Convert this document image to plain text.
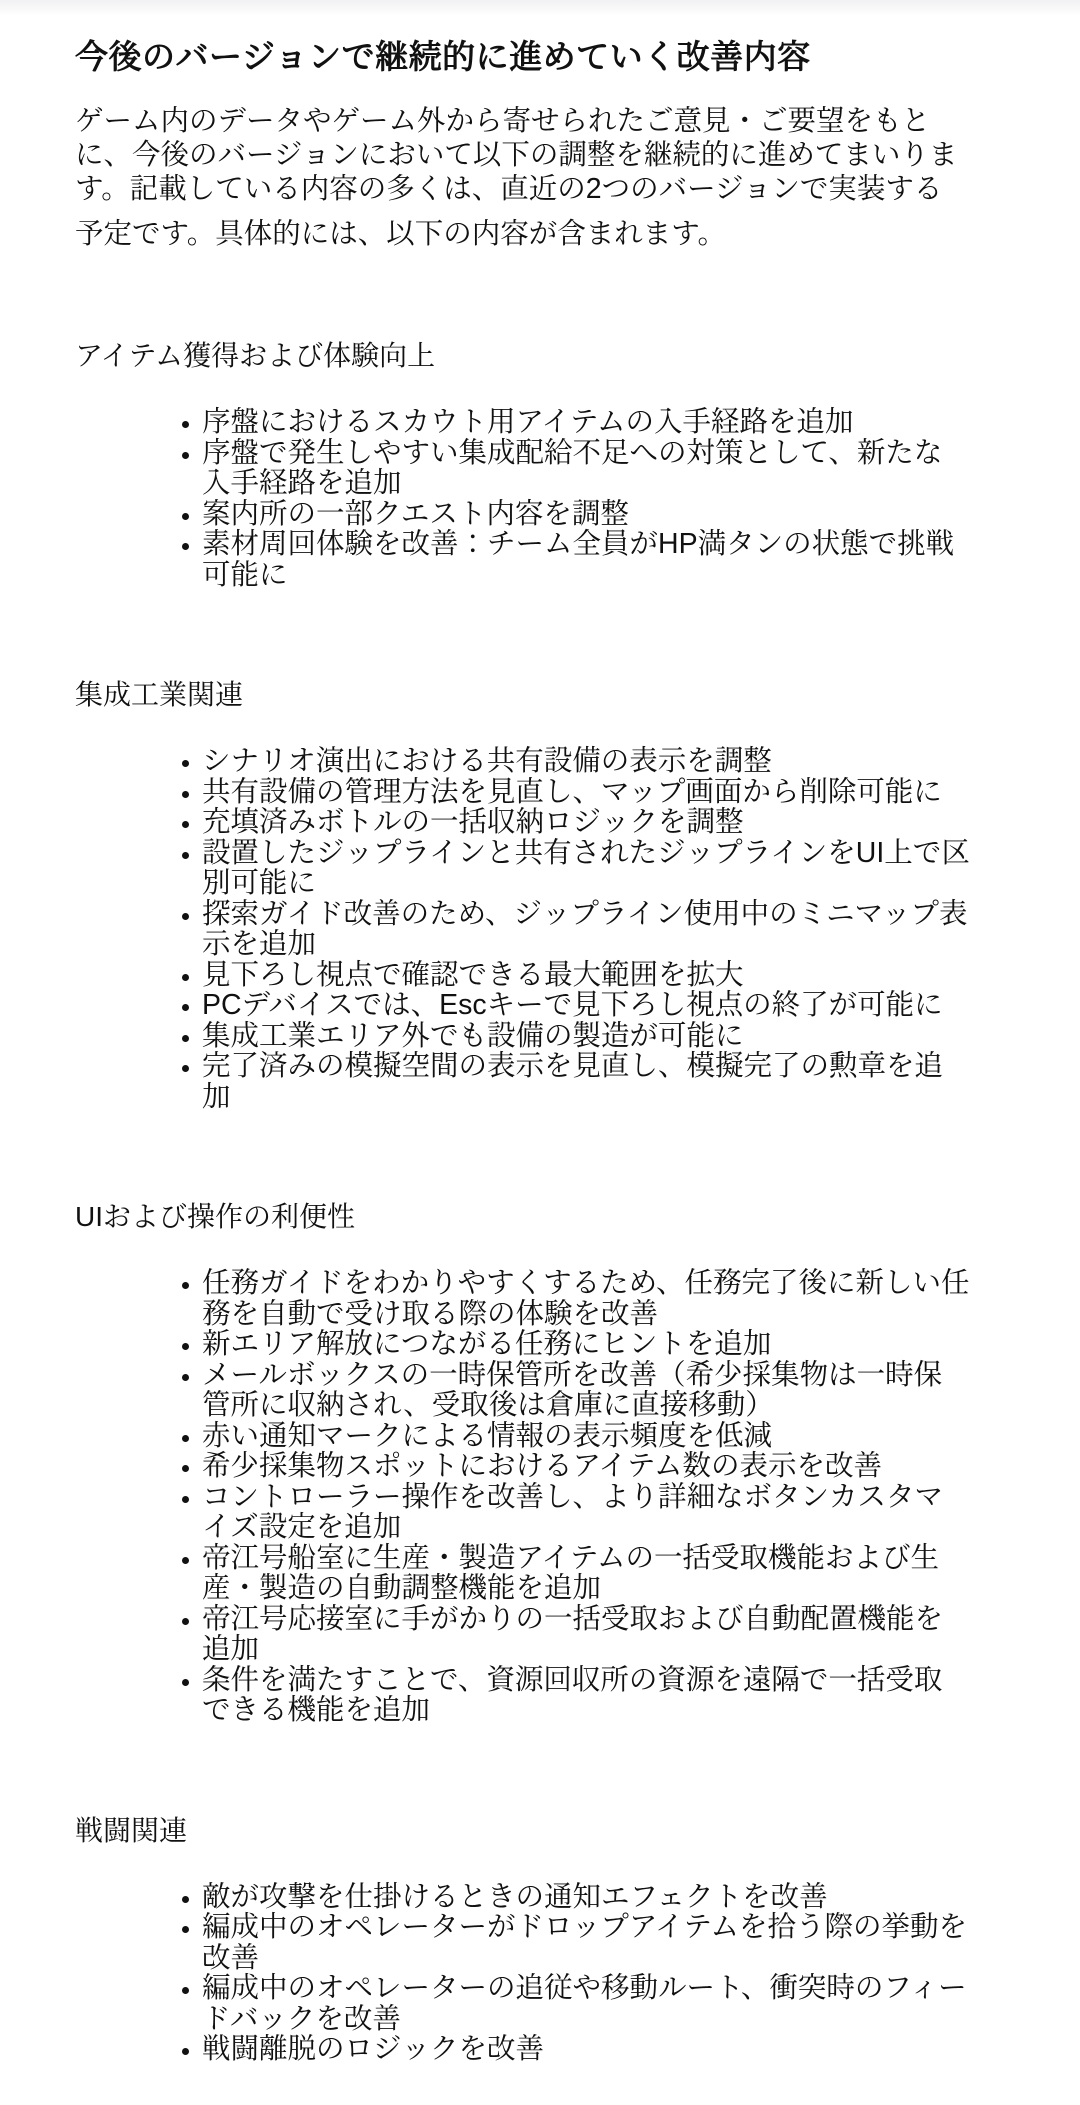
今後のバージョンで継続的に進めていく改善内容

ゲーム内のデータやゲーム外から寄せられたご意見・ご要望をもとに、今後のバージョンにおいて以下の調整を継続的に進めてまいります。記載している内容の多くは、直近の2つのバージョンで実装する

予定です。具体的には、以下の内容が含まれます。

アイテム獲得および体験向上
• 序盤におけるスカウト用アイテムの入手経路を追加
• 序盤で発生しやすい集成配給不足への対策として、新たな入手経路を追加
• 案内所の一部クエスト内容を調整
• 素材周回体験を改善：チーム全員がHP満タンの状態で挑戦可能に
集成工業関連
• シナリオ演出における共有設備の表示を調整
• 共有設備の管理方法を見直し、マップ画面から削除可能に
• 充填済みボトルの一括収納ロジックを調整
• 設置したジップラインと共有されたジップラインをUI上で区別可能に
• 探索ガイド改善のため、ジップライン使用中のミニマップ表示を追加
• 見下ろし視点で確認できる最大範囲を拡大
• PCデバイスでは、Escキーで見下ろし視点の終了が可能に
• 集成工業エリア外でも設備の製造が可能に
• 完了済みの模擬空間の表示を見直し、模擬完了の勲章を追加
UIおよび操作の利便性
• 任務ガイドをわかりやすくするため、任務完了後に新しい任務を自動で受け取る際の体験を改善
• 新エリア解放につながる任務にヒントを追加
• メールボックスの一時保管所を改善（希少採集物は一時保管所に収納され、受取後は倉庫に直接移動）
• 赤い通知マークによる情報の表示頻度を低減
• 希少採集物スポットにおけるアイテム数の表示を改善
• コントローラー操作を改善し、より詳細なボタンカスタマイズ設定を追加
• 帝江号船室に生産・製造アイテムの一括受取機能および生産・製造の自動調整機能を追加
• 帝江号応接室に手がかりの一括受取および自動配置機能を追加
• 条件を満たすことで、資源回収所の資源を遠隔で一括受取できる機能を追加
戦闘関連
• 敵が攻撃を仕掛けるときの通知エフェクトを改善
• 編成中のオペレーターがドロップアイテムを拾う際の挙動を改善
• 編成中のオペレーターの追従や移動ルート、衝突時のフィードバックを改善
• 戦闘離脱のロジックを改善
